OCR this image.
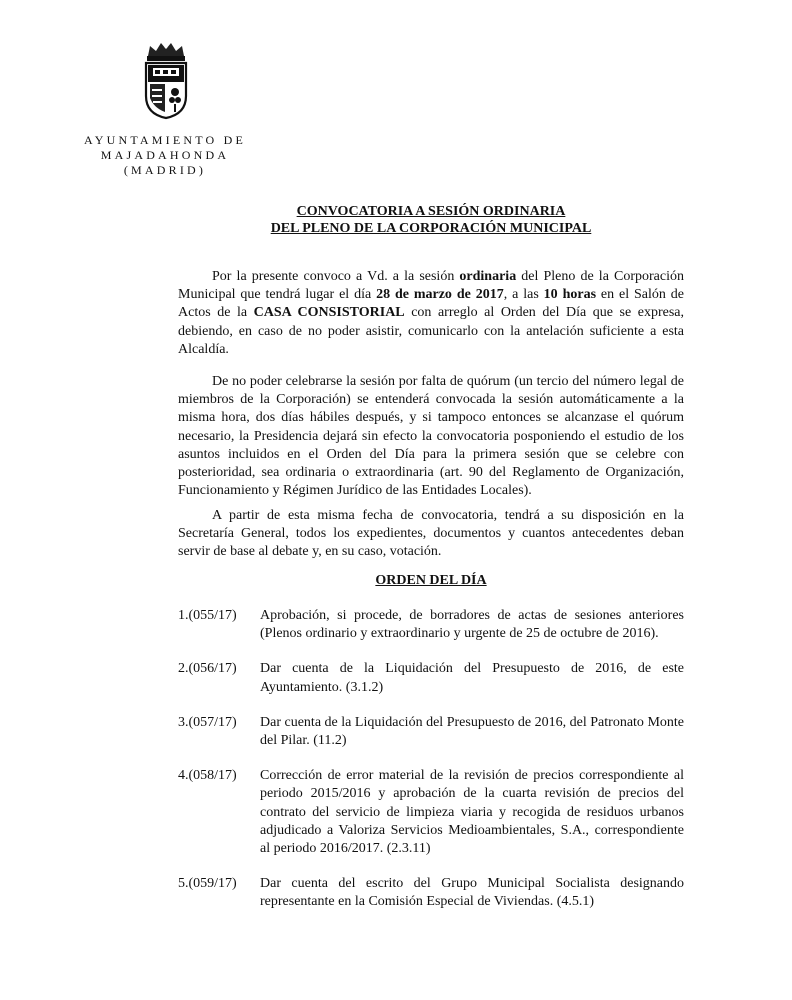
AYUNTAMIENTO DE
MAJADAHONDA
(MADRID)
CONVOCATORIA A SESIÓN ORDINARIA
DEL PLENO DE LA CORPORACIÓN MUNICIPAL

Por la presente convoco a Vd. a la sesión ordinaria del Pleno de la Corporación Municipal que tendrá lugar el día 28 de marzo de 2017, a las 10 horas en el Salón de Actos de la CASA CONSISTORIAL con arreglo al Orden del Día que se expresa, debiendo, en caso de no poder asistir, comunicarlo con la antelación suficiente a esta Alcaldía.

De no poder celebrarse la sesión por falta de quórum (un tercio del número legal de miembros de la Corporación) se entenderá convocada la sesión automáticamente a la misma hora, dos días hábiles después, y si tampoco entonces se alcanzase el quórum necesario, la Presidencia dejará sin efecto la convocatoria posponiendo el estudio de los asuntos incluidos en el Orden del Día para la primera sesión que se celebre con posterioridad, sea ordinaria o extraordinaria (art. 90 del Reglamento de Organización, Funcionamiento y Régimen Jurídico de las Entidades Locales).

A partir de esta misma fecha de convocatoria, tendrá a su disposición en la Secretaría General, todos los expedientes, documentos y cuantos antecedentes deban servir de base al debate y, en su caso, votación.

ORDEN DEL DÍA
1.(055/17)	Aprobación, si procede, de borradores de actas de sesiones anteriores (Plenos ordinario y extraordinario y urgente de 25 de octubre de 2016).
2.(056/17)	Dar cuenta de la Liquidación del Presupuesto de 2016, de este Ayuntamiento. (3.1.2)
3.(057/17)	Dar cuenta de la Liquidación del Presupuesto de 2016, del Patronato Monte del Pilar. (11.2)
4.(058/17)	Corrección de error material de la revisión de precios correspondiente al periodo 2015/2016 y aprobación de la cuarta revisión de precios del contrato del servicio de limpieza viaria y recogida de residuos urbanos adjudicado a Valoriza Servicios Medioambientales, S.A., correspondiente al periodo 2016/2017. (2.3.11)
5.(059/17)	Dar cuenta del escrito del Grupo Municipal Socialista designando representante en la Comisión Especial de Viviendas. (4.5.1)
